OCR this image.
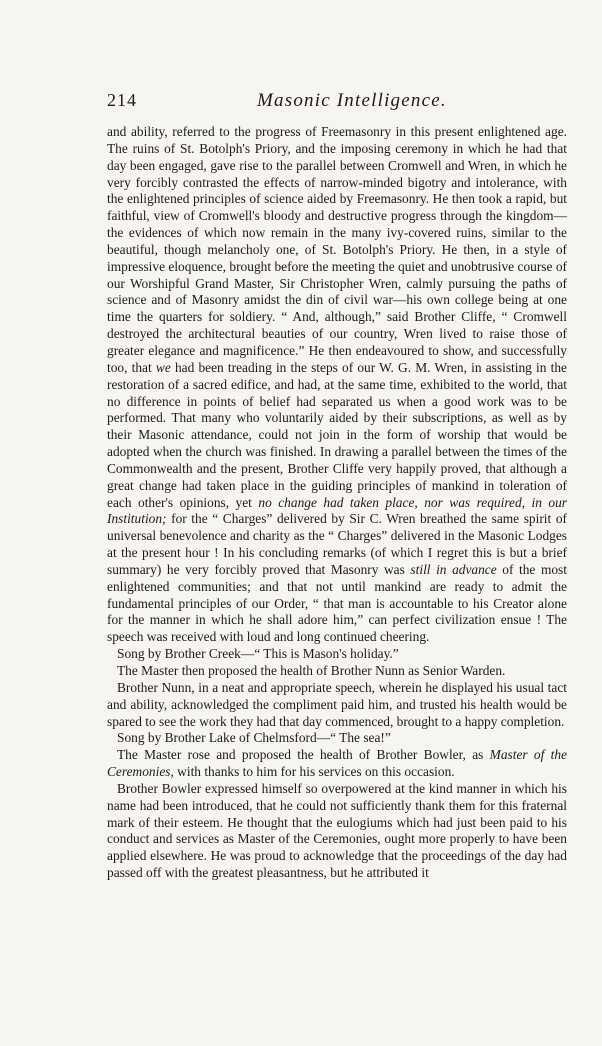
214	Masonic Intelligence.

and ability, referred to the progress of Freemasonry in this present enlightened age. The ruins of St. Botolph's Priory, and the imposing ceremony in which he had that day been engaged, gave rise to the parallel between Cromwell and Wren, in which he very forcibly contrasted the effects of narrow-minded bigotry and intolerance, with the enlightened principles of science aided by Freemasonry. He then took a rapid, but faithful, view of Cromwell's bloody and destructive progress through the kingdom—the evidences of which now remain in the many ivy-covered ruins, similar to the beautiful, though melancholy one, of St. Botolph's Priory. He then, in a style of impressive eloquence, brought before the meeting the quiet and unobtrusive course of our Worshipful Grand Master, Sir Christopher Wren, calmly pursuing the paths of science and of Masonry amidst the din of civil war—his own college being at one time the quarters for soldiery. “ And, although,” said Brother Cliffe, “ Cromwell destroyed the architectural beauties of our country, Wren lived to raise those of greater elegance and magnificence.” He then endeavoured to show, and successfully too, that we had been treading in the steps of our W. G. M. Wren, in assisting in the restoration of a sacred edifice, and had, at the same time, exhibited to the world, that no difference in points of belief had separated us when a good work was to be performed. That many who voluntarily aided by their subscriptions, as well as by their Masonic attendance, could not join in the form of worship that would be adopted when the church was finished. In drawing a parallel between the times of the Commonwealth and the present, Brother Cliffe very happily proved, that although a great change had taken place in the guiding principles of mankind in toleration of each other's opinions, yet no change had taken place, nor was required, in our Institution; for the “ Charges” delivered by Sir C. Wren breathed the same spirit of universal benevolence and charity as the “ Charges” delivered in the Masonic Lodges at the present hour ! In his concluding remarks (of which I regret this is but a brief summary) he very forcibly proved that Masonry was still in advance of the most enlightened communities; and that not until mankind are ready to admit the fundamental principles of our Order, “ that man is accountable to his Creator alone for the manner in which he shall adore him,” can perfect civilization ensue ! The speech was received with loud and long continued cheering.

Song by Brother Creek—“ This is Mason's holiday.”

The Master then proposed the health of Brother Nunn as Senior Warden.

Brother Nunn, in a neat and appropriate speech, wherein he displayed his usual tact and ability, acknowledged the compliment paid him, and trusted his health would be spared to see the work they had that day commenced, brought to a happy completion.

Song by Brother Lake of Chelmsford—“ The sea!”

The Master rose and proposed the health of Brother Bowler, as Master of the Ceremonies, with thanks to him for his services on this occasion.

Brother Bowler expressed himself so overpowered at the kind manner in which his name had been introduced, that he could not sufficiently thank them for this fraternal mark of their esteem. He thought that the eulogiums which had just been paid to his conduct and services as Master of the Ceremonies, ought more properly to have been applied elsewhere. He was proud to acknowledge that the proceedings of the day had passed off with the greatest pleasantness, but he attributed it
